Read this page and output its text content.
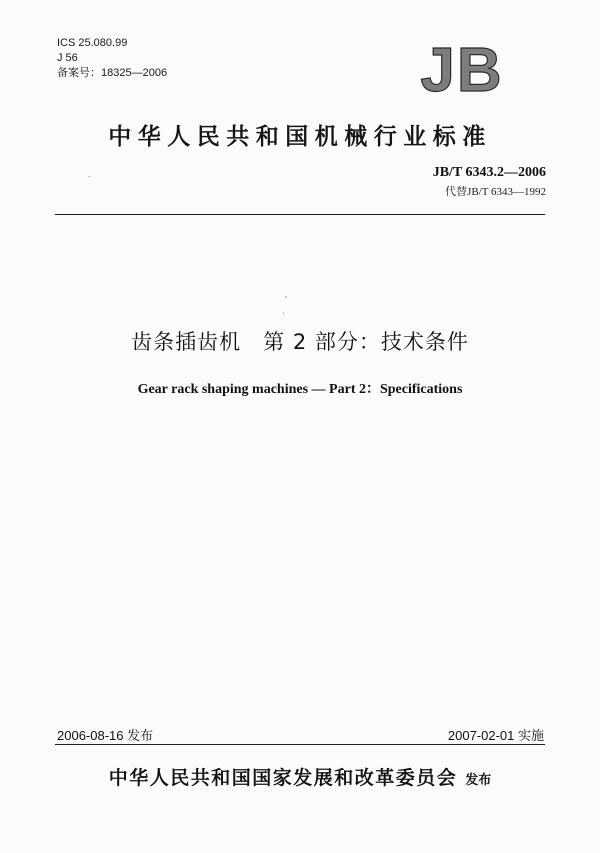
ICS 25.080.99
J 56
备案号：18325—2006	JB
中华人民共和国机械行业标准
JB/T 6343.2—2006
代替JB/T 6343—1992
齿条插齿机　第 2 部分：技术条件
Gear rack shaping machines — Part 2：Specifications
2006-08-16 发布	2007-02-01 实施
中华人民共和国国家发展和改革委员会 发布
